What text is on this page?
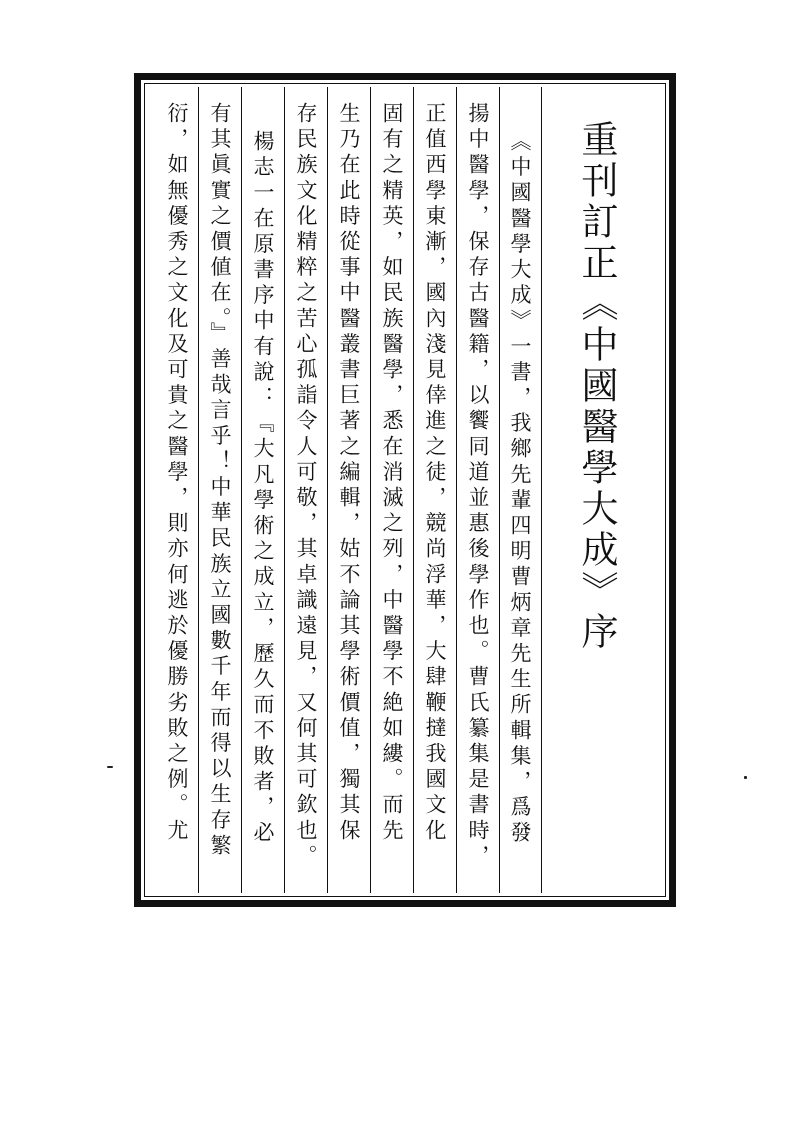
重刊訂正《中國醫學大成》序
《中國醫學大成》一書，我鄉先輩四明曹炳章先生所輯集，爲發
揚中醫學，保存古醫籍，以饗同道並惠後學作也。曹氏纂集是書時，
正值西學東漸，國內淺見倖進之徒，競尚浮華，大肆鞭撻我國文化
固有之精英，如民族醫學，悉在消滅之列，中醫學不絶如縷。而先
生乃在此時從事中醫叢書巨著之編輯，姑不論其學術價值，獨其保
存民族文化精粹之苦心孤詣令人可敬，其卓識遠見，又何其可欽也。
楊志一在原書序中有說：『大凡學術之成立，歷久而不敗者，必
有其眞實之價値在。』善哉言乎！中華民族立國數千年而得以生存繁
衍，如無優秀之文化及可貴之醫學，則亦何逃於優勝劣敗之例。尤
